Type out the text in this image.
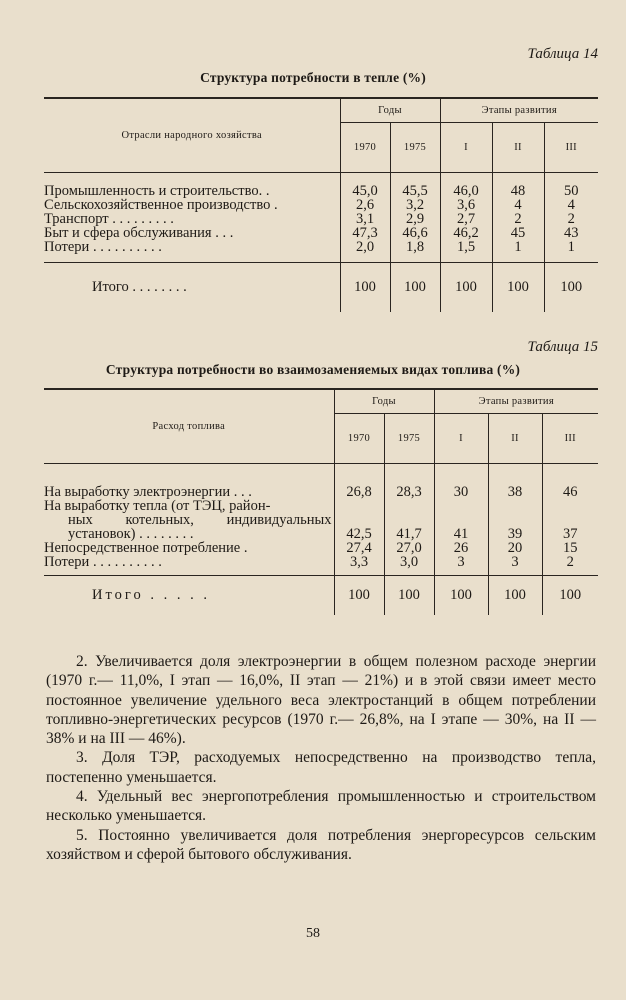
Таблица 14
Структура потребности в тепле (%)
Отрасли народного хозяйства	Годы		Этапы развития		
	1970	1975	I	II	III

Промышленность и строительство. .	45,0	45,5	46,0	48	50
Сельскохозяйственное производство .	2,6	3,2	3,6	4	4
Транспорт . . . . . . . . .	3,1	2,9	2,7	2	2
Быт и сфера обслуживания . . .	47,3	46,6	46,2	45	43
Потери . . . . . . . . . .	2,0	1,8	1,5	1	1

Итого . . . . . . . .	100	100	100	100	100
Таблица 15
Структура потребности во взаимозаменяемых видах топлива (%)
Расход топлива	Годы		Этапы развития		
	1970	1975	I	II	III

На выработку электроэнергии . . .	26,8	28,3	30	38	46

На выработку тепла (от ТЭЦ, район-
ных котельных, индивидуальных
установок) . . . . . . . .	42,5	41,7	41	39	37
Непосредственное потребление .	27,4	27,0	26	20	15
Потери . . . . . . . . . .	3,3	3,0	3	3	2

Итого . . . . .	100	100	100	100	100

2. Увеличивается доля электроэнергии в общем полезном расходе энергии (1970 г.— 11,0%, I этап — 16,0%, II этап — 21%) и в этой связи имеет место постоянное увеличение удельного веса электростанций в общем потреблении топливно-энергетических ресурсов (1970 г.— 26,8%, на I этапе — 30%, на II — 38% и на III — 46%).

3. Доля ТЭР, расходуемых непосредственно на производство тепла, постепенно уменьшается.

4. Удельный вес энергопотребления промышленностью и строительством несколько уменьшается.

5. Постоянно увеличивается доля потребления энергоресурсов сельским хозяйством и сферой бытового обслуживания.

58
